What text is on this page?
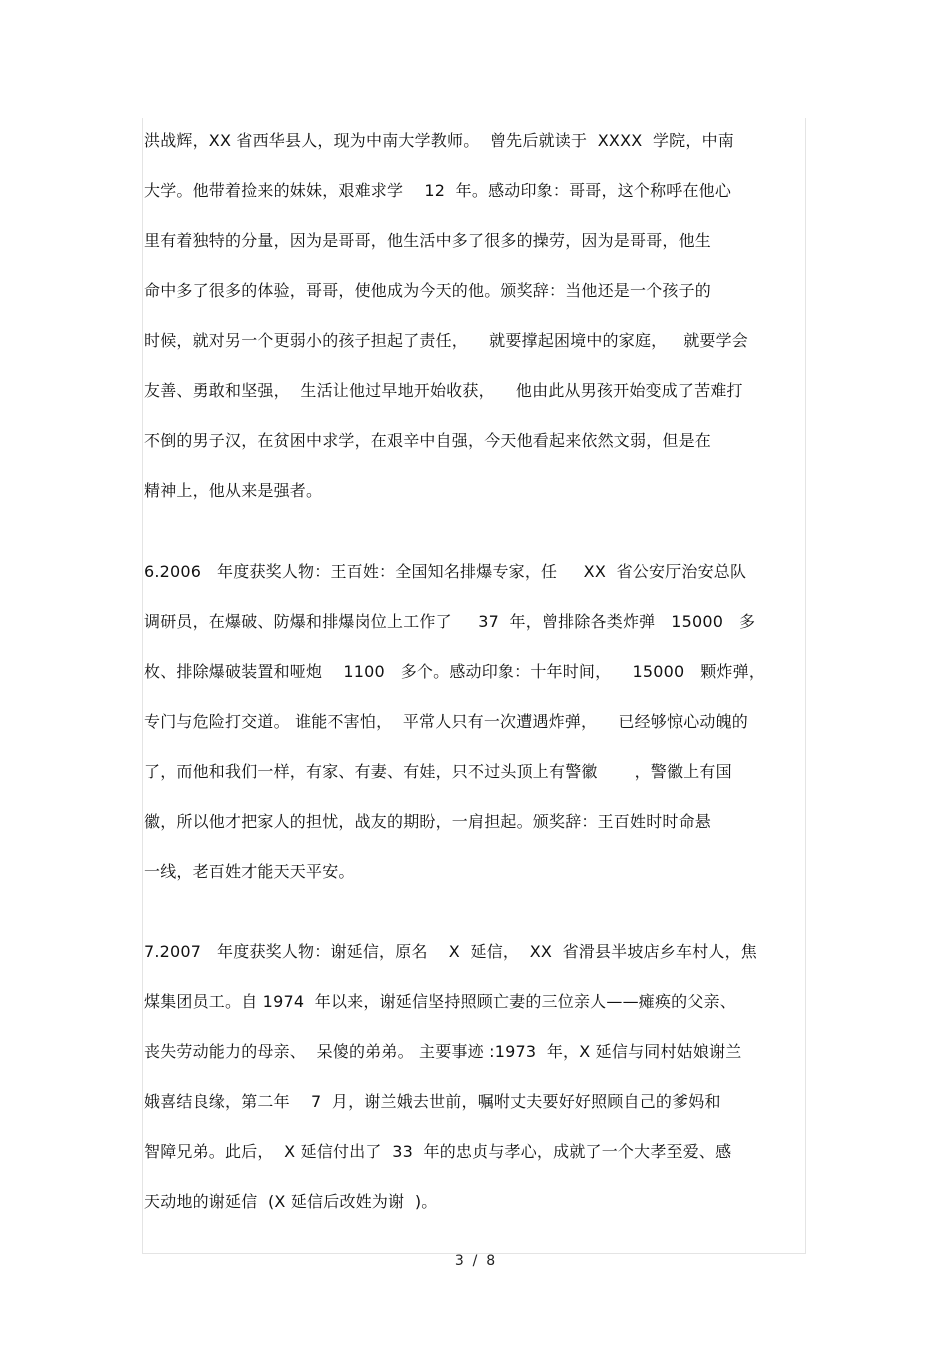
洪战辉，XX 省西华县人，现为中南大学教师。  曾先后就读于  XXXX  学院，中南
大学。他带着捡来的妹妹，艰难求学    12  年。感动印象：哥哥，这个称呼在他心
里有着独特的分量，因为是哥哥，他生活中多了很多的操劳，因为是哥哥，他生
命中多了很多的体验，哥哥，使他成为今天的他。颁奖辞：当他还是一个孩子的
时候，就对另一个更弱小的孩子担起了责任，    就要撑起困境中的家庭，   就要学会
友善、勇敢和坚强，  生活让他过早地开始收获，    他由此从男孩开始变成了苦难打
不倒的男子汉，在贫困中求学，在艰辛中自强，今天他看起来依然文弱，但是在
精神上，他从来是强者。
6.2006   年度获奖人物：王百姓：全国知名排爆专家，任     XX  省公安厅治安总队
调研员，在爆破、防爆和排爆岗位上工作了     37  年，曾排除各类炸弹   15000   多
枚、排除爆破装置和哑炮    1100   多个。感动印象：十年时间，    15000   颗炸弹，
专门与危险打交道。 谁能不害怕，  平常人只有一次遭遇炸弹，    已经够惊心动魄的
了，而他和我们一样，有家、有妻、有娃，只不过头顶上有警徽       ，警徽上有国
徽，所以他才把家人的担忧，战友的期盼，一肩担起。颁奖辞：王百姓时时命悬
一线，老百姓才能天天平安。
7.2007   年度获奖人物：谢延信，原名    X  延信，  XX  省滑县半坡店乡车村人，焦
煤集团员工。自 1974  年以来，谢延信坚持照顾亡妻的三位亲人——瘫痪的父亲、
丧失劳动能力的母亲、  呆傻的弟弟。 主要事迹 :1973  年，X 延信与同村姑娘谢兰
娥喜结良缘，第二年    7  月，谢兰娥去世前，嘱咐丈夫要好好照顾自己的爹妈和
智障兄弟。此后，  X 延信付出了  33  年的忠贞与孝心，成就了一个大孝至爱、感
天动地的谢延信  (X 延信后改姓为谢  )。
3  /  8
